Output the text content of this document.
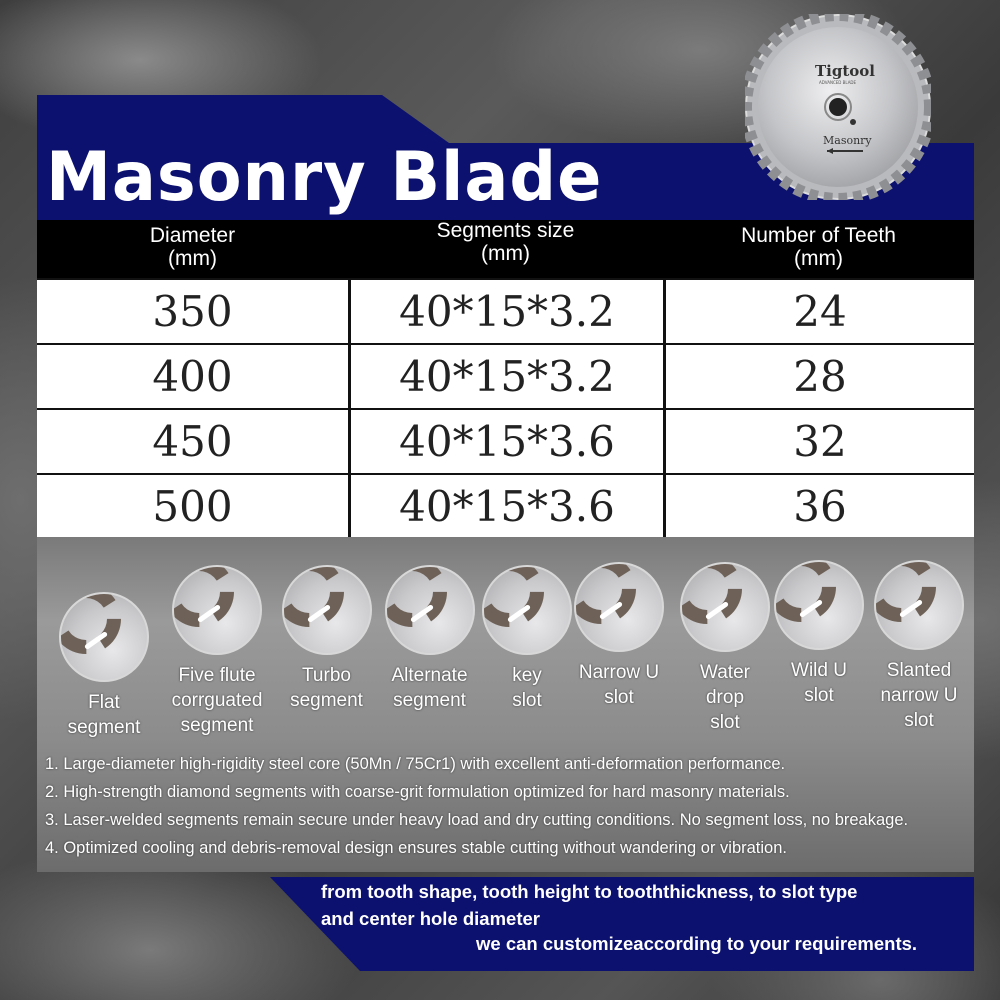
Masonry Blade
Tigtool
ADVANCED BLADE
Masonry
Diameter
(mm)
Segments size
(mm)
Number of Teeth
(mm)
350	40*15*3.2	24
400	40*15*3.2	28
450	40*15*3.6	32
500	40*15*3.6	36
Flat
segment

Five flute
corrguated
segment
Turbo
segment

Alternate
segment

key
slot

Narrow U
slot

Water
drop
slot
Wild U
slot

Slanted
narrow U
slot
1. Large-diameter high-rigidity steel core (50Mn / 75Cr1) with excellent anti-deformation performance.
2. High-strength diamond segments with coarse-grit formulation optimized for hard masonry materials.
3. Laser-welded segments remain secure under heavy load and dry cutting conditions. No segment loss, no breakage.
4. Optimized cooling and debris-removal design ensures stable cutting without wandering or vibration.
from tooth shape, tooth height to tooththickness, to slot type
and center hole diameter
we can customizeaccording to your requirements.
